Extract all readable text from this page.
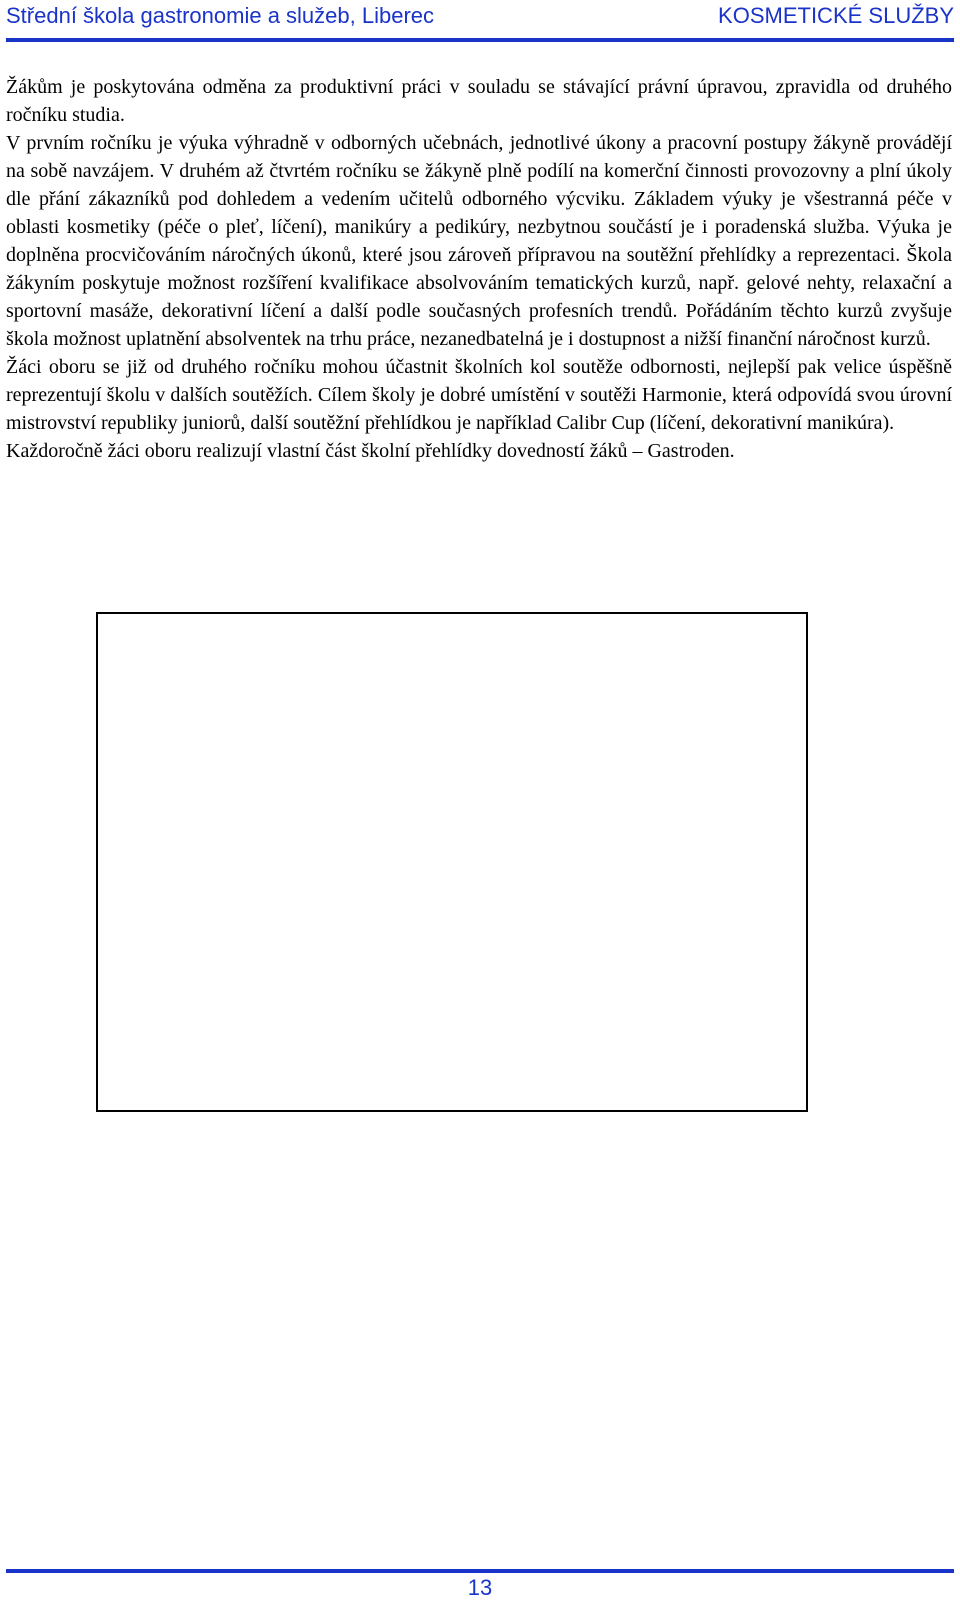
Střední škola gastronomie a služeb, Liberec	KOSMETICKÉ SLUŽBY

Žákům je poskytována odměna za produktivní práci v souladu se stávající právní úpravou, zpravidla od druhého ročníku studia.

V prvním ročníku je výuka výhradně v odborných učebnách, jednotlivé úkony a pracovní postupy žákyně provádějí na sobě navzájem. V druhém až čtvrtém ročníku se žákyně plně podílí na komerční činnosti provozovny a plní úkoly dle přání zákazníků pod dohledem a vedením učitelů odborného výcviku. Základem výuky je všestranná péče v oblasti kosmetiky (péče o pleť, líčení), manikúry a pedikúry, nezbytnou součástí je i poradenská služba. Výuka je doplněna procvičováním náročných úkonů, které jsou zároveň přípravou na soutěžní přehlídky a reprezentaci. Škola žákyním poskytuje možnost rozšíření kvalifikace absolvováním tematických kurzů, např. gelové nehty, relaxační a sportovní masáže, dekorativní líčení a další podle současných profesních trendů. Pořádáním těchto kurzů zvyšuje škola možnost uplatnění absolventek na trhu práce, nezanedbatelná je i dostupnost a nižší finanční náročnost kurzů.

Žáci oboru se již od druhého ročníku mohou účastnit školních kol soutěže odbornosti, nejlepší pak velice úspěšně reprezentují školu v dalších soutěžích. Cílem školy je dobré umístění v soutěži Harmonie, která odpovídá svou úrovní mistrovství republiky juniorů, další soutěžní přehlídkou je například Calibr Cup (líčení, dekorativní manikúra).

Každoročně žáci oboru realizují vlastní část školní přehlídky dovedností žáků – Gastroden.

13
